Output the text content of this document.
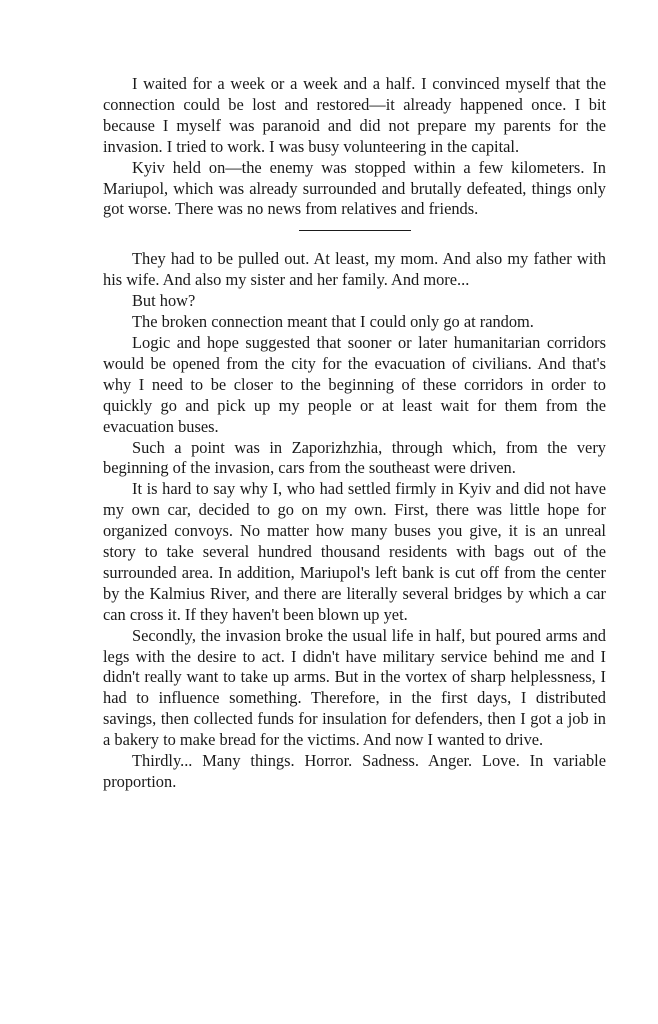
I waited for a week or a week and a half. I convinced myself that the connection could be lost and restored—it already happened once. I bit because I myself was paranoid and did not prepare my parents for the invasion. I tried to work. I was busy volunteering in the capital.

Kyiv held on—the enemy was stopped within a few kilometers. In Mariupol, which was already surrounded and brutally defeated, things only got worse. There was no news from relatives and friends.

They had to be pulled out. At least, my mom. And also my father with his wife. And also my sister and her family. And more...

But how?

The broken connection meant that I could only go at random.

Logic and hope suggested that sooner or later humanitarian corridors would be opened from the city for the evacuation of civilians. And that's why I need to be closer to the beginning of these corridors in order to quickly go and pick up my people or at least wait for them from the evacuation buses.

Such a point was in Zaporizhzhia, through which, from the very beginning of the invasion, cars from the southeast were driven.

It is hard to say why I, who had settled firmly in Kyiv and did not have my own car, decided to go on my own. First, there was little hope for organized convoys. No matter how many buses you give, it is an unreal story to take several hundred thousand residents with bags out of the surrounded area. In addition, Mariupol's left bank is cut off from the center by the Kalmius River, and there are literally several bridges by which a car can cross it. If they haven't been blown up yet.

Secondly, the invasion broke the usual life in half, but poured arms and legs with the desire to act. I didn't have military service behind me and I didn't really want to take up arms. But in the vortex of sharp helplessness, I had to influence something. Therefore, in the first days, I distributed savings, then collected funds for insulation for defenders, then I got a job in a bakery to make bread for the victims. And now I wanted to drive.

Thirdly... Many things. Horror. Sadness. Anger. Love. In variable proportion.
